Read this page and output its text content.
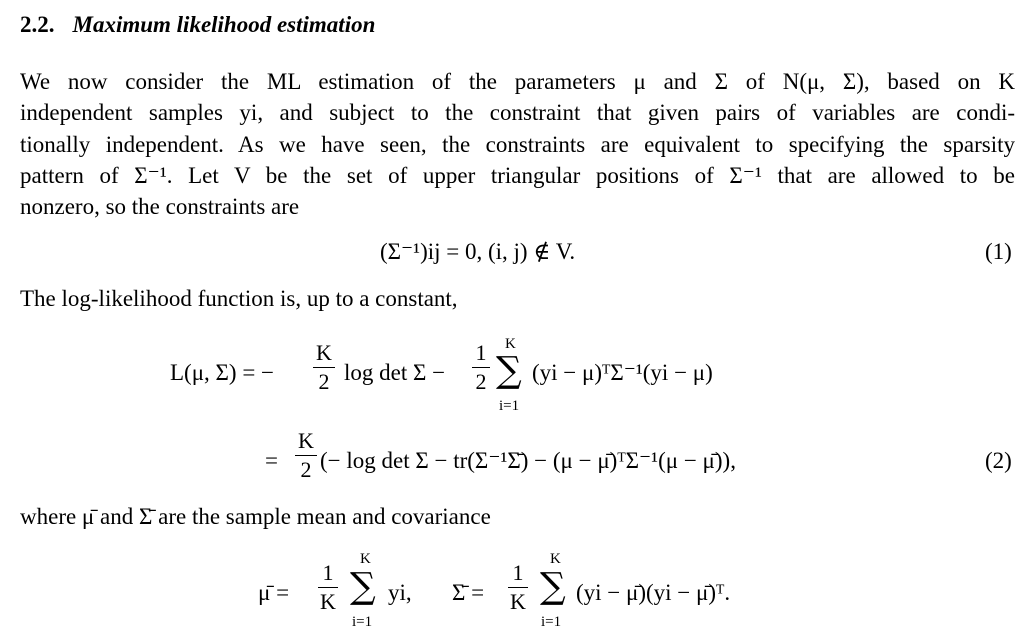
2.2. Maximum likelihood estimation
We now consider the ML estimation of the parameters μ and Σ of N(μ, Σ), based on K
independent samples yi, and subject to the constraint that given pairs of variables are condi-
tionally independent. As we have seen, the constraints are equivalent to specifying the sparsity
pattern of Σ⁻¹. Let V be the set of upper triangular positions of Σ⁻¹ that are allowed to be
nonzero, so the constraints are
(Σ⁻¹)ij = 0, (i, j) ∉ V.	(1)
The log-likelihood function is, up to a constant,
L(μ, Σ) = −
K
2 log det Σ −
1
2
K
∑
i=1
(yi − μ)ᵀΣ⁻¹(yi − μ)
=
K
2 (− log det Σ − tr(Σ⁻¹Σ̄) − (μ − μ̄)ᵀΣ⁻¹(μ − μ̄)),	(2)
where μ̄ and Σ̄ are the sample mean and covariance
μ̄ =
1
K
K
∑
i=1
yi, Σ̄ =
1
K
K
∑
i=1
(yi − μ̄)(yi − μ̄)ᵀ.
